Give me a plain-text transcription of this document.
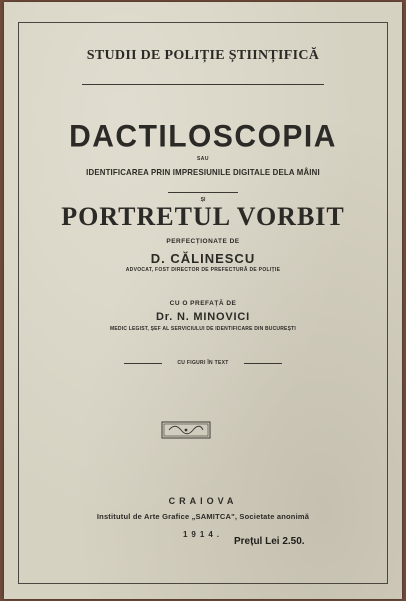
STUDII DE POLIȚIE ȘTIINȚIFICĂ
DACTILOSCOPIA
SAU
IDENTIFICAREA PRIN IMPRESIUNILE DIGITALE DELA MÂINI
ȘI
PORTRETUL VORBIT
PERFECȚIONATE DE
D. CĂLINESCU
ADVOCAT, FOST DIRECTOR DE PREFECTURĂ DE POLIȚIE
CU O PREFAȚĂ DE
Dr. N. MINOVICI
MEDIC LEGIST, ȘEF AL SERVICIULUI DE IDENTIFICARE DIN BUCUREȘTI
CU FIGURI ÎN TEXT
CRAIOVA
Institutul de Arte Grafice „SAMITCA", Societate anonimă
1914.
Prețul Lei 2.50.
